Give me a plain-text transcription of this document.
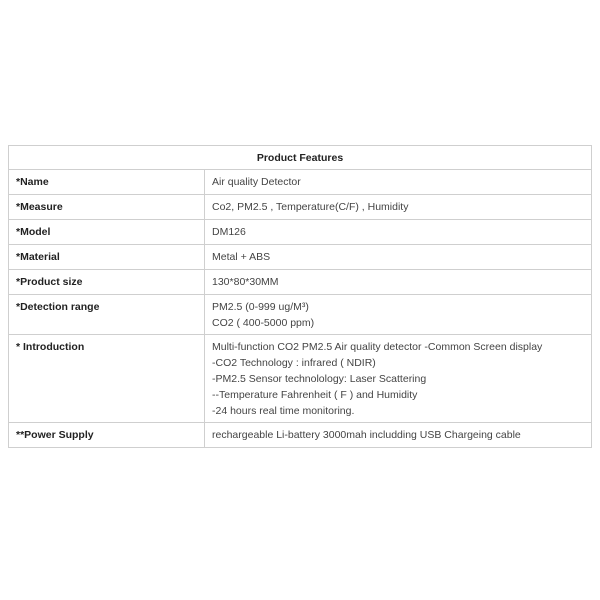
Product Features	
*Name	Air quality Detector

*Measure	Co2, PM2.5 , Temperature(C/F) , Humidity

*Model	DM126

*Material	Metal + ABS

*Product size	130*80*30MM

*Detection range	PM2.5 (0-999 ug/M³)
CO2 ( 400-5000 ppm)

* Introduction	Multi-function CO2 PM2.5 Air quality detector -Common Screen display
-CO2 Technology : infrared ( NDIR)
-PM2.5 Sensor technolology: Laser Scattering
--Temperature Fahrenheit ( F ) and Humidity
-24 hours real time monitoring.

**Power Supply	rechargeable Li-battery 3000mah includding USB Chargeing cable
